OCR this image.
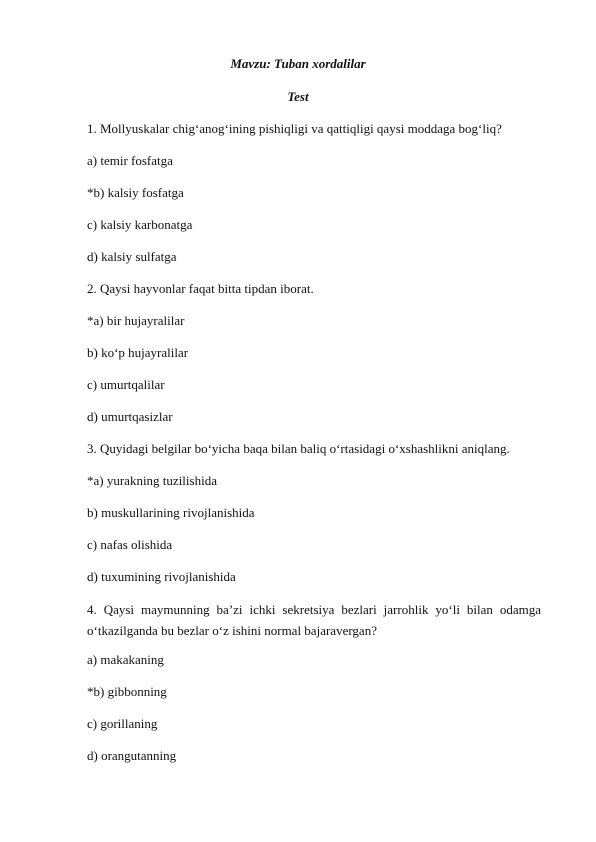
Mavzu: Tuban xordalilar

Test

1. Mollyuskalar chig‘anog‘ining pishiqligi va qattiqligi qaysi moddaga bog‘liq?

a) temir fosfatga

*b) kalsiy fosfatga

c) kalsiy karbonatga

d) kalsiy sulfatga

2. Qaysi hayvonlar faqat bitta tipdan iborat.

*a) bir hujayralilar

b) ko‘p hujayralilar

c) umurtqalilar

d) umurtqasizlar

3. Quyidagi belgilar bo‘yicha baqa bilan baliq o‘rtasidagi o‘xshashlikni aniqlang.

*a) yurakning tuzilishida

b) muskullarining rivojlanishida

c) nafas olishida

d) tuxumining rivojlanishida

4. Qaysi maymunning ba’zi ichki sekretsiya bezlari jarrohlik yo‘li bilan odamga o‘tkazilganda bu bezlar o‘z ishini normal bajaravergan?

a) makakaning

*b) gibbonning

c) gorillaning

d) orangutanning
